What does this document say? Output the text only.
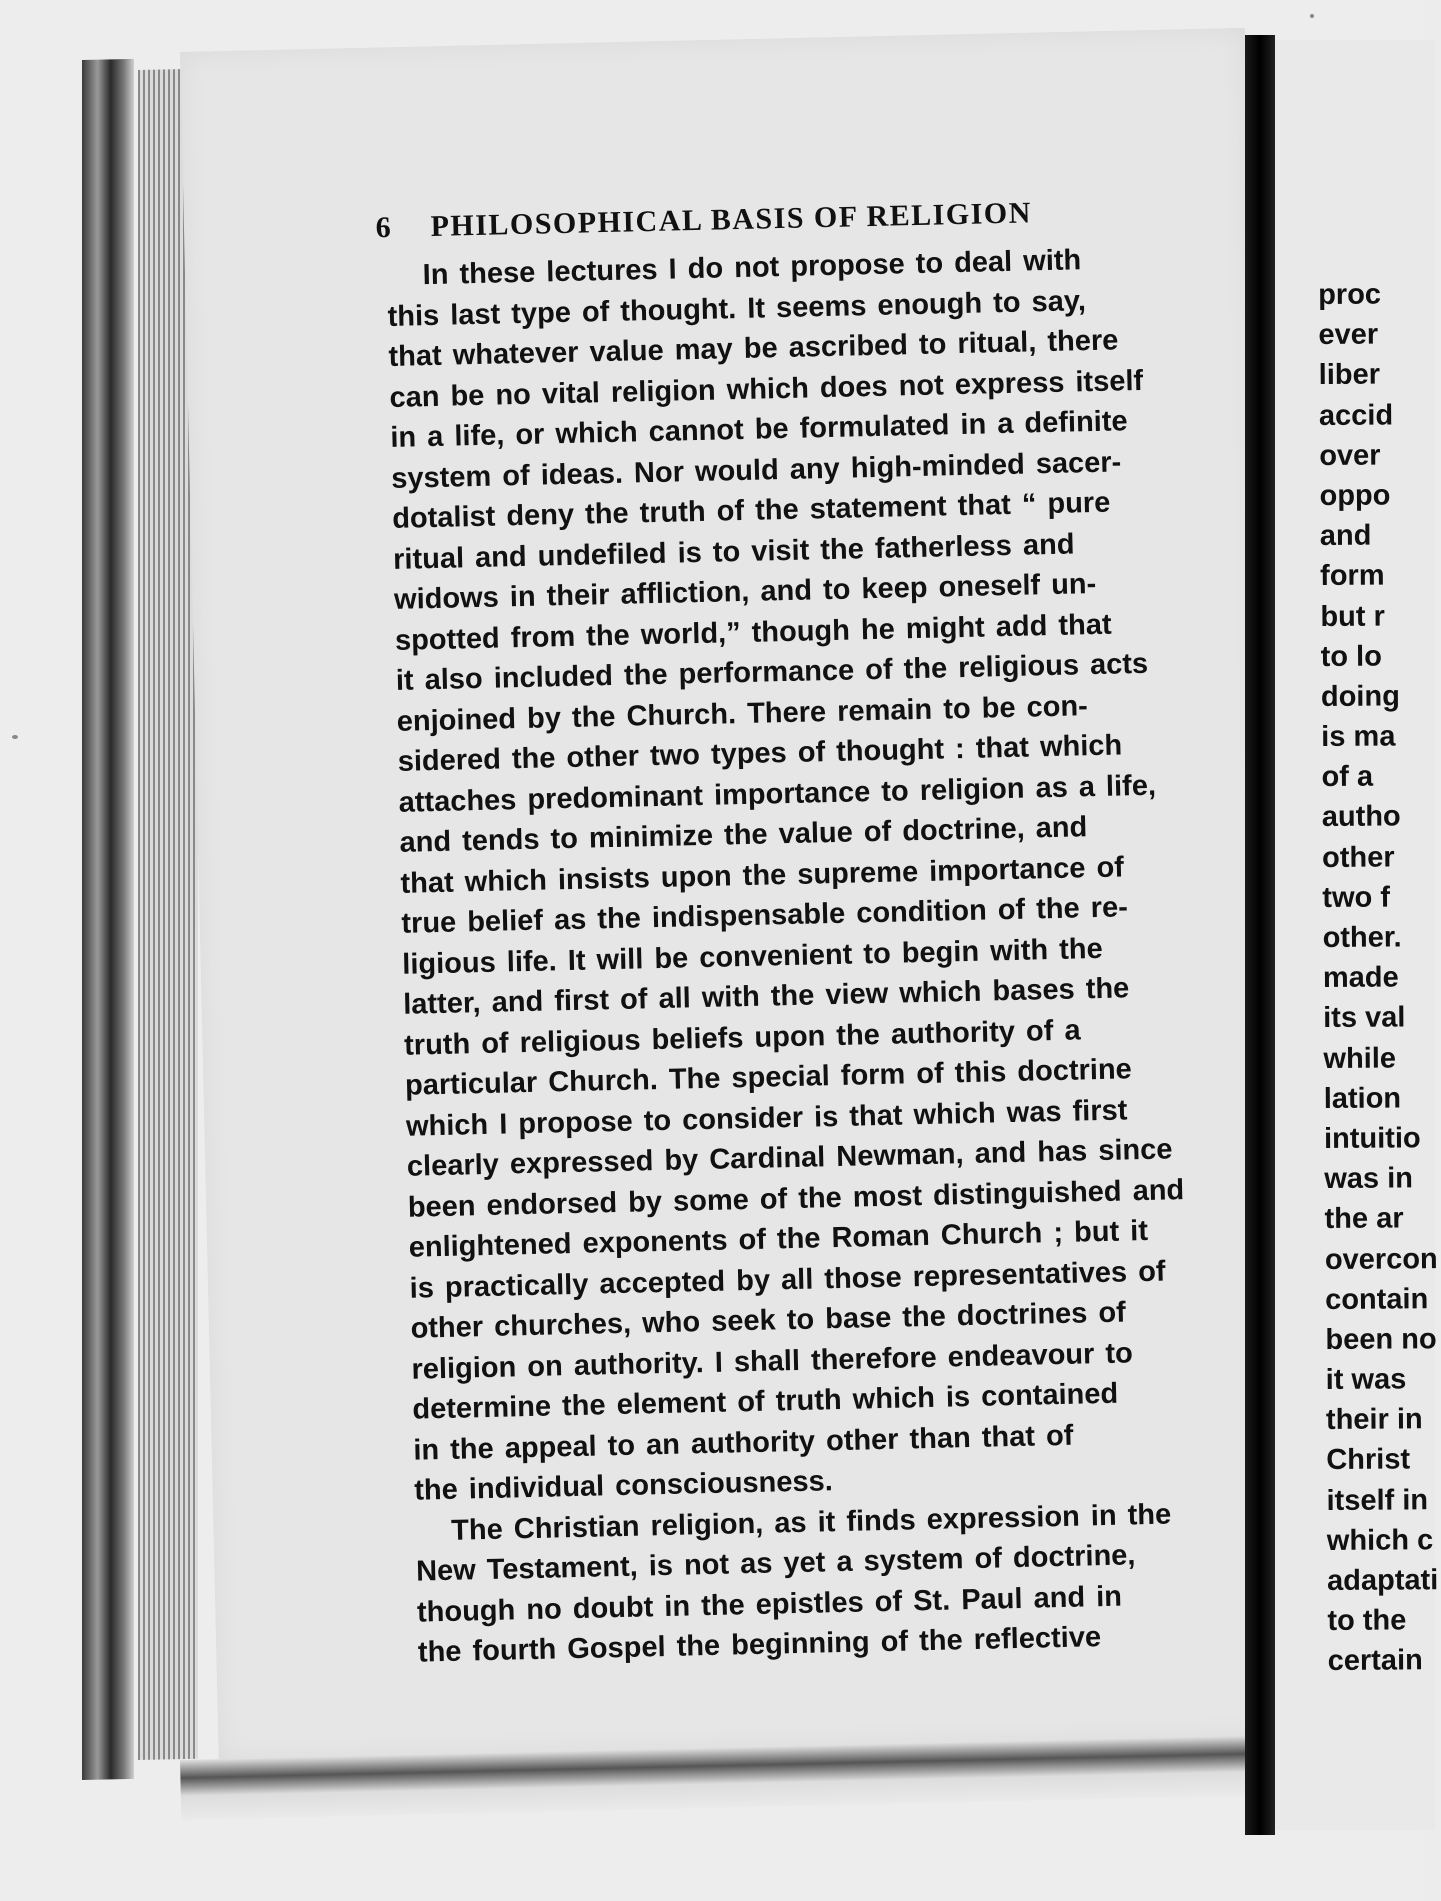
6 PHILOSOPHICAL BASIS OF RELIGION
In these lectures I do not propose to deal with
this last type of thought. It seems enough to say,
that whatever value may be ascribed to ritual, there
can be no vital religion which does not express itself
in a life, or which cannot be formulated in a definite
system of ideas. Nor would any high-minded sacer-
dotalist deny the truth of the statement that “ pure
ritual and undefiled is to visit the fatherless and
widows in their affliction, and to keep oneself un-
spotted from the world,” though he might add that
it also included the performance of the religious acts
enjoined by the Church. There remain to be con-
sidered the other two types of thought : that which
attaches predominant importance to religion as a life,
and tends to minimize the value of doctrine, and
that which insists upon the supreme importance of
true belief as the indispensable condition of the re-
ligious life. It will be convenient to begin with the
latter, and first of all with the view which bases the
truth of religious beliefs upon the authority of a
particular Church. The special form of this doctrine
which I propose to consider is that which was first
clearly expressed by Cardinal Newman, and has since
been endorsed by some of the most distinguished and
enlightened exponents of the Roman Church ; but it
is practically accepted by all those representatives of
other churches, who seek to base the doctrines of
religion on authority. I shall therefore endeavour to
determine the element of truth which is contained
in the appeal to an authority other than that of
the individual consciousness.
The Christian religion, as it finds expression in the
New Testament, is not as yet a system of doctrine,
though no doubt in the epistles of St. Paul and in
the fourth Gospel the beginning of the reflective
proc
ever
liber
accid
over
oppo
and
form
but r
to lo
doing
is ma
of a
autho
other
two f
other.
made
its val
while
lation
intuitio
was in
the ar
overcon
contain
been no
it was
their in
Christ
itself in
which c
adaptati
to the
certain
